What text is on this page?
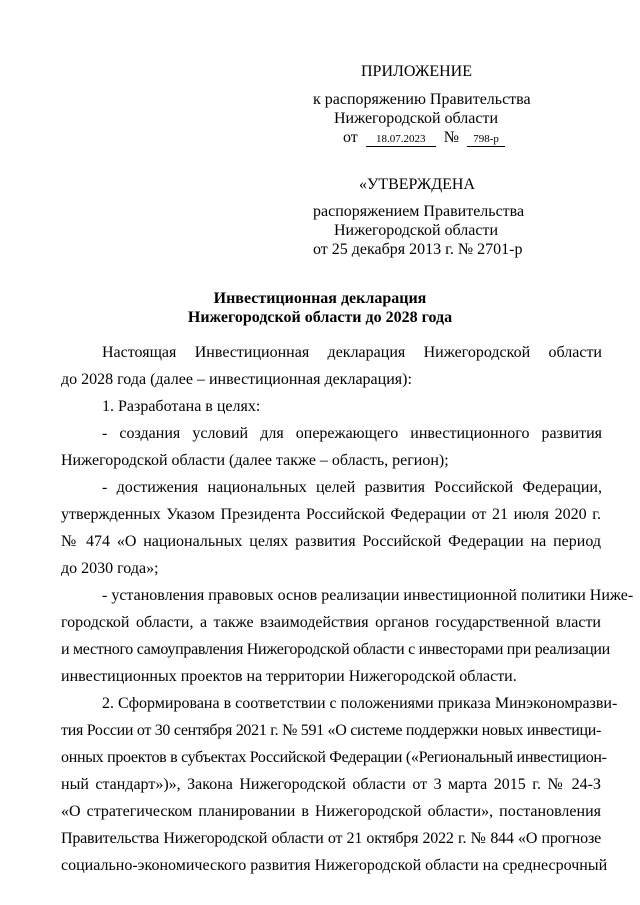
ПРИЛОЖЕНИЕ
к распоряжению Правительства
Нижегородской области
от 18.07.2023 № 798-р
«УТВЕРЖДЕНА
распоряжением Правительства
Нижегородской области
от 25 декабря 2013 г. № 2701-р
Инвестиционная декларация
Нижегородской области до 2028 года
Настоящая Инвестиционная декларация Нижегородской области
до 2028 года (далее – инвестиционная декларация):
1. Разработана в целях:
- создания условий для опережающего инвестиционного развития
Нижегородской области (далее также – область, регион);
- достижения национальных целей развития Российской Федерации,
утвержденных Указом Президента Российской Федерации от 21 июля 2020 г.
№ 474 «О национальных целях развития Российской Федерации на период
до 2030 года»;
- установления правовых основ реализации инвестиционной политики Ниже-
городской области, а также взаимодействия органов государственной власти
и местного самоуправления Нижегородской области с инвесторами при реализации
инвестиционных проектов на территории Нижегородской области.
2. Сформирована в соответствии с положениями приказа Минэкономразви-
тия России от 30 сентября 2021 г. № 591 «О системе поддержки новых инвестици-
онных проектов в субъектах Российской Федерации («Региональный инвестицион-
ный стандарт»)», Закона Нижегородской области от 3 марта 2015 г. № 24-З
«О стратегическом планировании в Нижегородской области», постановления
Правительства Нижегородской области от 21 октября 2022 г. № 844 «О прогнозе
социально-экономического развития Нижегородской области на среднесрочный
